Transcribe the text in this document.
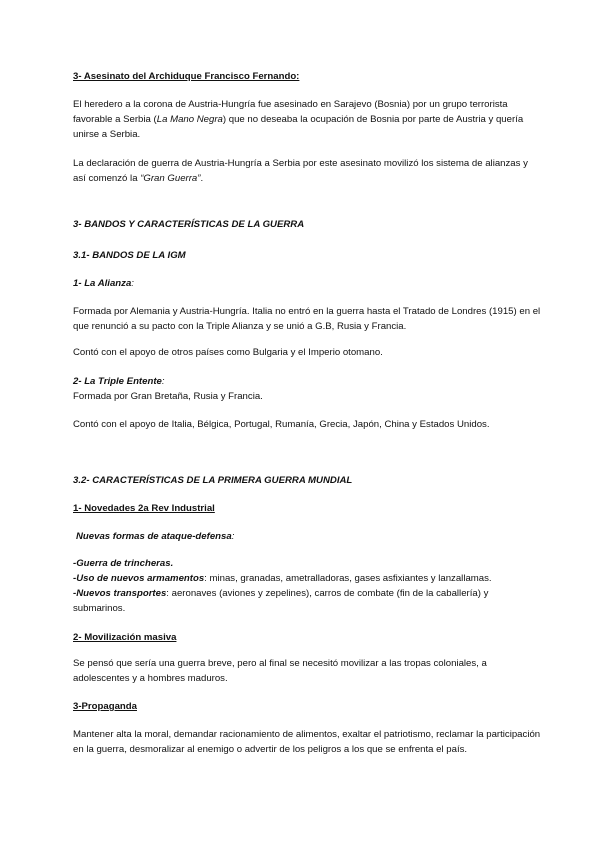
3- Asesinato del Archiduque Francisco Fernando:

El heredero a la corona de Austria-Hungría fue asesinado en Sarajevo (Bosnia) por un grupo terrorista favorable a Serbia (La Mano Negra) que no deseaba la ocupación de Bosnia por parte de Austria y quería unirse a Serbia.

La declaración de guerra de Austria-Hungría a Serbia por este asesinato movilizó los sistema de alianzas y así comenzó la “Gran Guerra”.

3- BANDOS Y CARACTERÍSTICAS DE LA GUERRA

3.1- BANDOS DE LA IGM

1- La Alianza:

Formada por Alemania y Austria-Hungría. Italia no entró en la guerra hasta el Tratado de Londres (1915) en el que renunció a su pacto con la Triple Alianza y se unió a G.B, Rusia y Francia.

Contó con el apoyo de otros países como Bulgaria y el Imperio otomano.

2- La Triple Entente:

Formada por Gran Bretaña, Rusia y Francia.

Contó con el apoyo de Italia, Bélgica, Portugal, Rumanía, Grecia, Japón, China y Estados Unidos.

3.2- CARACTERÍSTICAS DE LA PRIMERA GUERRA MUNDIAL

1- Novedades 2a Rev Industrial

Nuevas formas de ataque-defensa:

-Guerra de trincheras.

-Uso de nuevos armamentos: minas, granadas, ametralladoras, gases asfixiantes y lanzallamas.

-Nuevos transportes: aeronaves (aviones y zepelines), carros de combate (fin de la caballería) y submarinos.

2- Movilización masiva

Se pensó que sería una guerra breve, pero al final se necesitó movilizar a las tropas coloniales, a adolescentes y a hombres maduros.

3-Propaganda

Mantener alta la moral, demandar racionamiento de alimentos, exaltar el patriotismo, reclamar la participación en la guerra, desmoralizar al enemigo o advertir de los peligros a los que se enfrenta el país.
